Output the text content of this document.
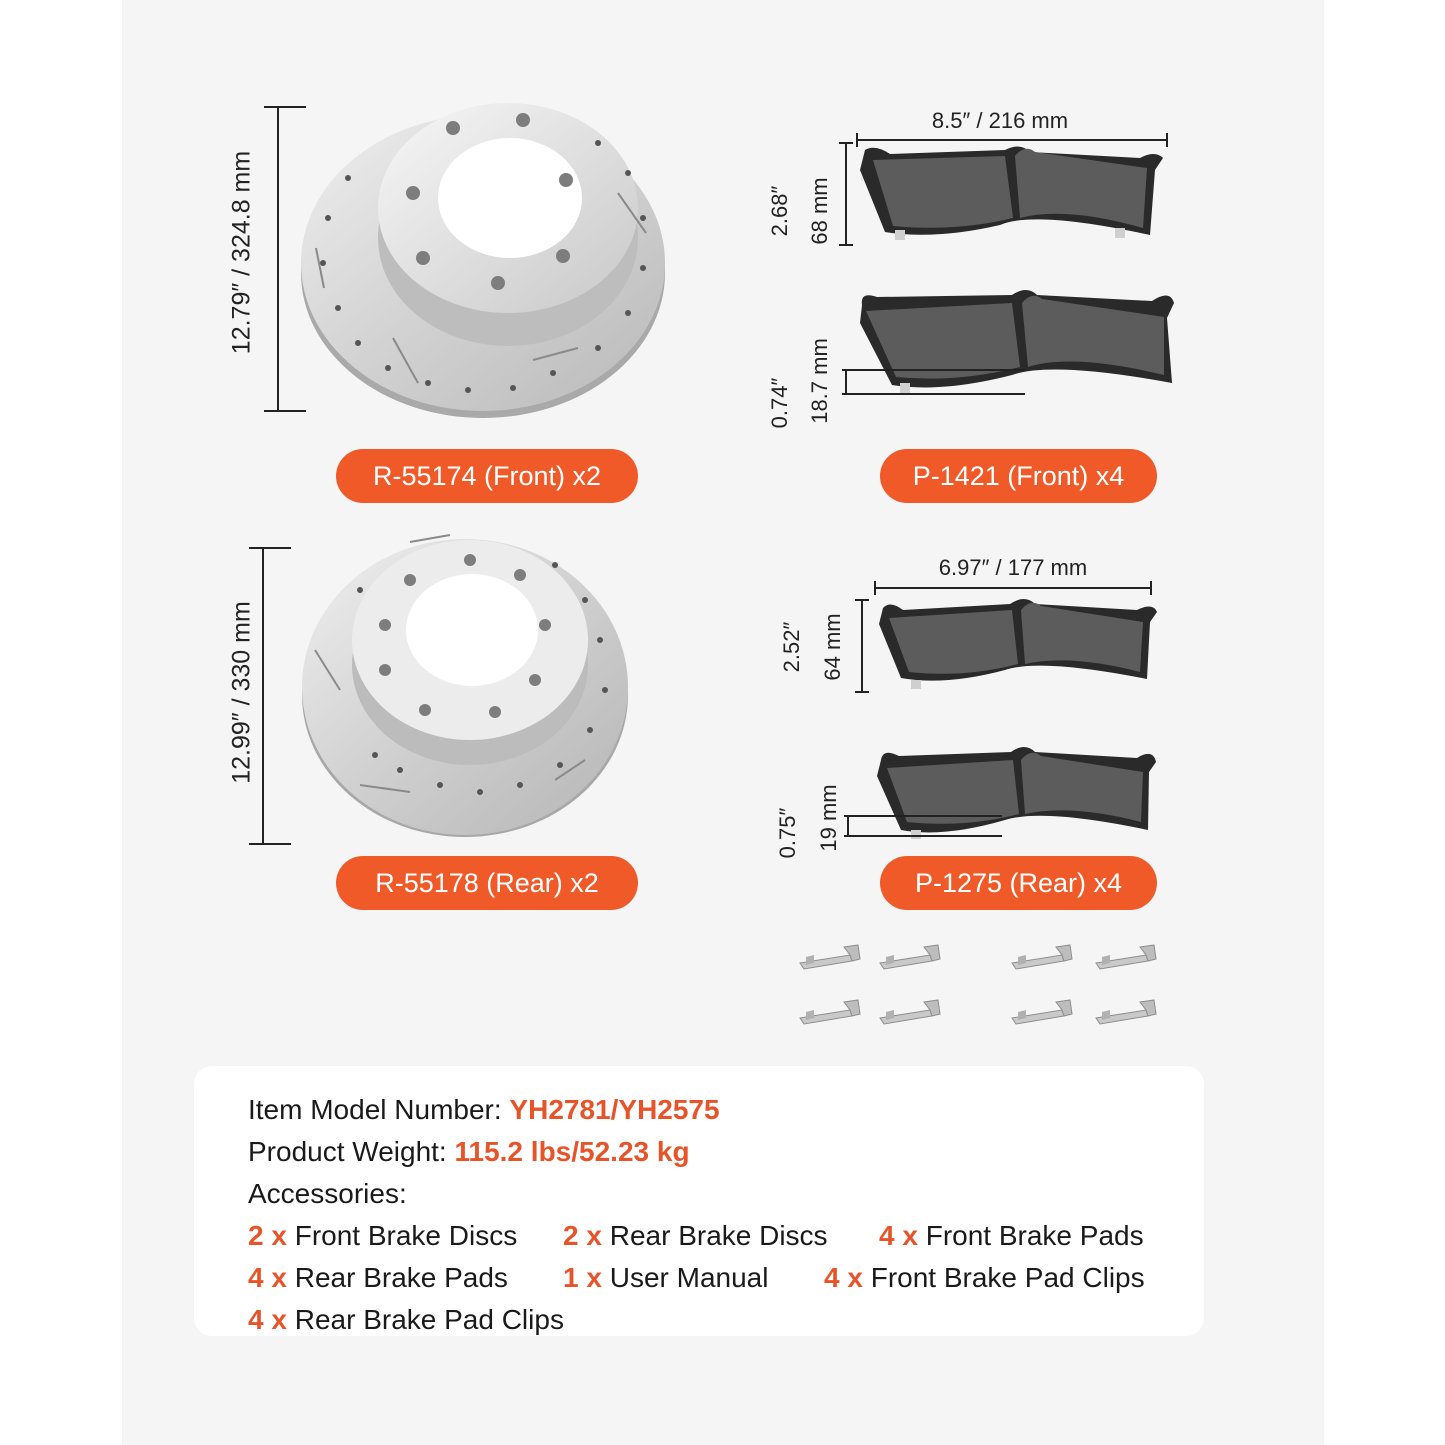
12.79″ / 324.8 mm
R-55174 (Front) x2
12.99″ / 330 mm
R-55178 (Rear) x2
8.5″ / 216 mm
2.68″ 68 mm
0.74″ 18.7 mm
P-1421 (Front) x4
6.97″ / 177 mm
2.52″ 64 mm
0.75″ 19 mm
P-1275 (Rear) x4
Item Model Number: YH2781/YH2575
Product Weight: 115.2 lbs/52.23 kg
Accessories:
2 x Front Brake Discs 2 x Rear Brake Discs 4 x Front Brake Pads
4 x Rear Brake Pads 1 x User Manual 4 x Front Brake Pad Clips
4 x Rear Brake Pad Clips
